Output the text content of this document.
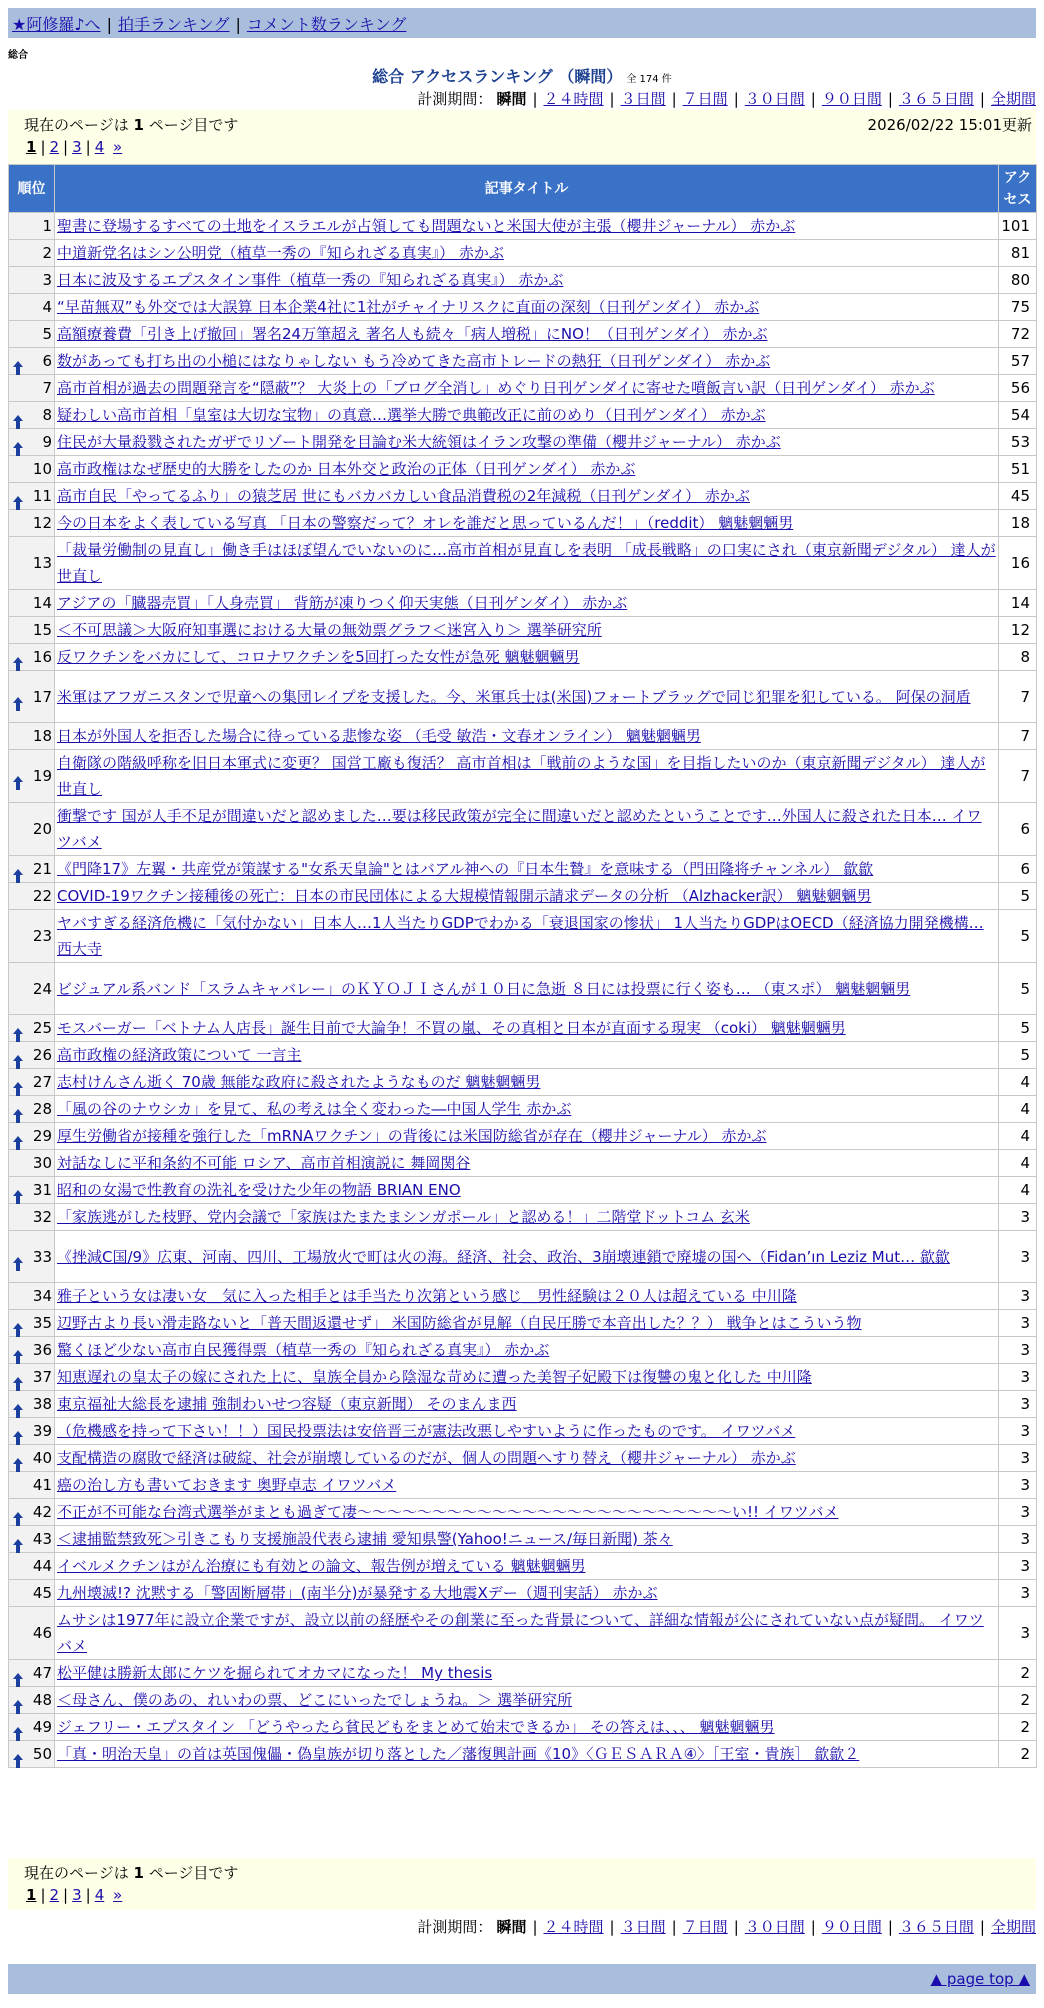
★阿修羅♪へ | 拍手ランキング | コメント数ランキング
総合
総合 アクセスランキング （瞬間） 全 174 件
計測期間： 瞬間 | ２４時間 | ３日間 | ７日間 | ３０日間 | ９０日間 | ３６５日間 | 全期間
現在のページは 1 ページ目です	2026/02/22 15:01更新
1 | 2 | 3 | 4 »
順位	記事タイトル	アクセス
1	聖書に登場するすべての土地をイスラエルが占領しても問題ないと米国大使が主張（櫻井ジャーナル） 赤かぶ	101
2	中道新党名はシン公明党（植草一秀の『知られざる真実』） 赤かぶ	81
3	日本に波及するエプスタイン事件（植草一秀の『知られざる真実』） 赤かぶ	80
4	“早苗無双”も外交では大誤算 日本企業4社に1社がチャイナリスクに直面の深刻（日刊ゲンダイ） 赤かぶ	75
5	高額療養費「引き上げ撤回」署名24万筆超え 著名人も続々「病人増税」にNO！（日刊ゲンダイ） 赤かぶ	72

6	数があっても打ち出の小槌にはなりゃしない もう冷めてきた高市トレードの熱狂（日刊ゲンダイ） 赤かぶ	57
7	高市首相が過去の問題発言を“隠蔽”？ 大炎上の「ブログ全消し」めぐり日刊ゲンダイに寄せた噴飯言い訳（日刊ゲンダイ） 赤かぶ	56

8	疑わしい高市首相「皇室は大切な宝物」の真意…選挙大勝で典範改正に前のめり（日刊ゲンダイ） 赤かぶ	54

9	住民が大量殺戮されたガザでリゾート開発を目論む米大統領はイラン攻撃の準備（櫻井ジャーナル） 赤かぶ	53
10	高市政権はなぜ歴史的大勝をしたのか 日本外交と政治の正体（日刊ゲンダイ） 赤かぶ	51

11	高市自民「やってるふり」の猿芝居 世にもバカバカしい食品消費税の2年減税（日刊ゲンダイ） 赤かぶ	45
12	今の日本をよく表している写真 「日本の警察だって？オレを誰だと思っているんだ！」（reddit） 魑魅魍魎男	18
13	「裁量労働制の見直し」働き手はほぼ望んでいないのに…高市首相が見直しを表明 「成長戦略」の口実にされ（東京新聞デジタル） 達人が世直し	16
14	アジアの「臓器売買」「人身売買」 背筋が凍りつく仰天実態（日刊ゲンダイ） 赤かぶ	14
15	＜不可思議＞大阪府知事選における大量の無効票グラフ＜迷宮入り＞ 選挙研究所	12

16	反ワクチンをバカにして、コロナワクチンを5回打った女性が急死 魑魅魍魎男	8

17	米軍はアフガニスタンで児童への集団レイプを支援した。今、米軍兵士は(米国)フォートブラッグで同じ犯罪を犯している。 阿保の洞盾	7
18	日本が外国人を拒否した場合に待っている悲惨な姿 （毛受 敏浩・文春オンライン） 魑魅魍魎男	7

19	自衛隊の階級呼称を旧日本軍式に変更？ 国営工廠も復活？ 高市首相は「戦前のような国」を目指したいのか（東京新聞デジタル） 達人が世直し	7
20	衝撃です 国が人手不足が間違いだと認めました…要は移民政策が完全に間違いだと認めたということです…外国人に殺された日本… イワツバメ	6

21	《門降17》左翼・共産党が策謀する"女系天皇論"とはバアル神への『日本生贄』を意味する（門田隆将チャンネル） 歙歙	6
22	COVID-19ワクチン接種後の死亡：日本の市民団体による大規模情報開示請求データの分析 （Alzhacker訳） 魑魅魍魎男	5
23	ヤバすぎる経済危機に「気付かない」日本人…1人当たりGDPでわかる「衰退国家の惨状」 1人当たりGDPはOECD（経済協力開発機構… 西大寺	5
24	ビジュアル系バンド「スラムキャバレー」のＫＹＯＪＩさんが１０日に急逝 ８日には投票に行く姿も… （東スポ） 魑魅魍魎男	5

25	モスバーガー「ベトナム人店長」誕生目前で大論争！不買の嵐、その真相と日本が直面する現実 （coki） 魑魅魍魎男	5

26	高市政権の経済政策について 一言主	5

27	志村けんさん逝く 70歳 無能な政府に殺されたようなものだ 魑魅魍魎男	4

28	「風の谷のナウシカ」を見て、私の考えは全く変わった―中国人学生 赤かぶ	4

29	厚生労働省が接種を強行した「mRNAワクチン」の背後には米国防総省が存在（櫻井ジャーナル） 赤かぶ	4
30	対話なしに平和条約不可能 ロシア、高市首相演説に 舞岡関谷	4

31	昭和の女湯で性教育の洗礼を受けた少年の物語 BRIAN ENO	4
32	「家族逃がした枝野、党内会議で「家族はたまたまシンガポール」と認める！」二階堂ドットコム 玄米	3

33	《挫減C国/9》広東、河南、四川、工場放火で町は火の海。経済、社会、政治、3崩壊連鎖で廃墟の国へ（Fidan’ın Leziz Mut… 歙歙	3
34	雅子という女は凄い女＿気に入った相手とは手当たり次第という感じ＿男性経験は２０人は超えている 中川隆	3

35	辺野古より長い滑走路ないと「普天間返還せず」 米国防総省が見解（自民圧勝で本音出した？？） 戦争とはこういう物	3

36	驚くほど少ない高市自民獲得票（植草一秀の『知られざる真実』） 赤かぶ	3

37	知恵遅れの皇太子の嫁にされた上に、皇族全員から陰湿な苛めに遭った美智子妃殿下は復讐の鬼と化した 中川隆	3

38	東京福祉大総長を逮捕 強制わいせつ容疑（東京新聞） そのまんま西	3

39	（危機感を持って下さい！！）国民投票法は安倍晋三が憲法改悪しやすいように作ったものです。 イワツバメ	3

40	支配構造の腐敗で経済は破綻、社会が崩壊しているのだが、個人の問題へすり替え（櫻井ジャーナル） 赤かぶ	3
41	癌の治し方も書いておきます 奥野卓志 イワツバメ	3

42	不正が不可能な台湾式選挙がまとも過ぎて凄〜〜〜〜〜〜〜〜〜〜〜〜〜〜〜〜〜〜〜〜〜〜〜〜〜い!! イワツバメ	3

43	＜逮捕監禁致死＞引きこもり支援施設代表ら逮捕 愛知県警(Yahoo!ニュース/毎日新聞) 茶々	3
44	イベルメクチンはがん治療にも有効との論文、報告例が増えている 魑魅魍魎男	3
45	九州壊滅!? 沈黙する「警固断層帯」(南半分)が暴発する大地震Xデー（週刊実話） 赤かぶ	3
46	ムサシは1977年に設立企業ですが、設立以前の経歴やその創業に至った背景について、詳細な情報が公にされていない点が疑問。 イワツバメ	3

47	松平健は勝新太郎にケツを掘られてオカマになった！ My thesis	2

48	＜母さん、僕のあの、れいわの票、どこにいったでしょうね。＞ 選挙研究所	2

49	ジェフリー・エプスタイン 「どうやったら貧民どもをまとめて始末できるか」 その答えは、、、 魑魅魍魎男	2

50	「真・明治天皇」の首は英国傀儡・偽皇族が切り落とした／藩復興計画《10》〈ＧＥＳＡＲＡ④〉［王室・貴族］ 歙歙２	2
現在のページは 1 ページ目です
1 | 2 | 3 | 4 »
計測期間： 瞬間 | ２４時間 | ３日間 | ７日間 | ３０日間 | ９０日間 | ３６５日間 | 全期間
▲ page top ▲
